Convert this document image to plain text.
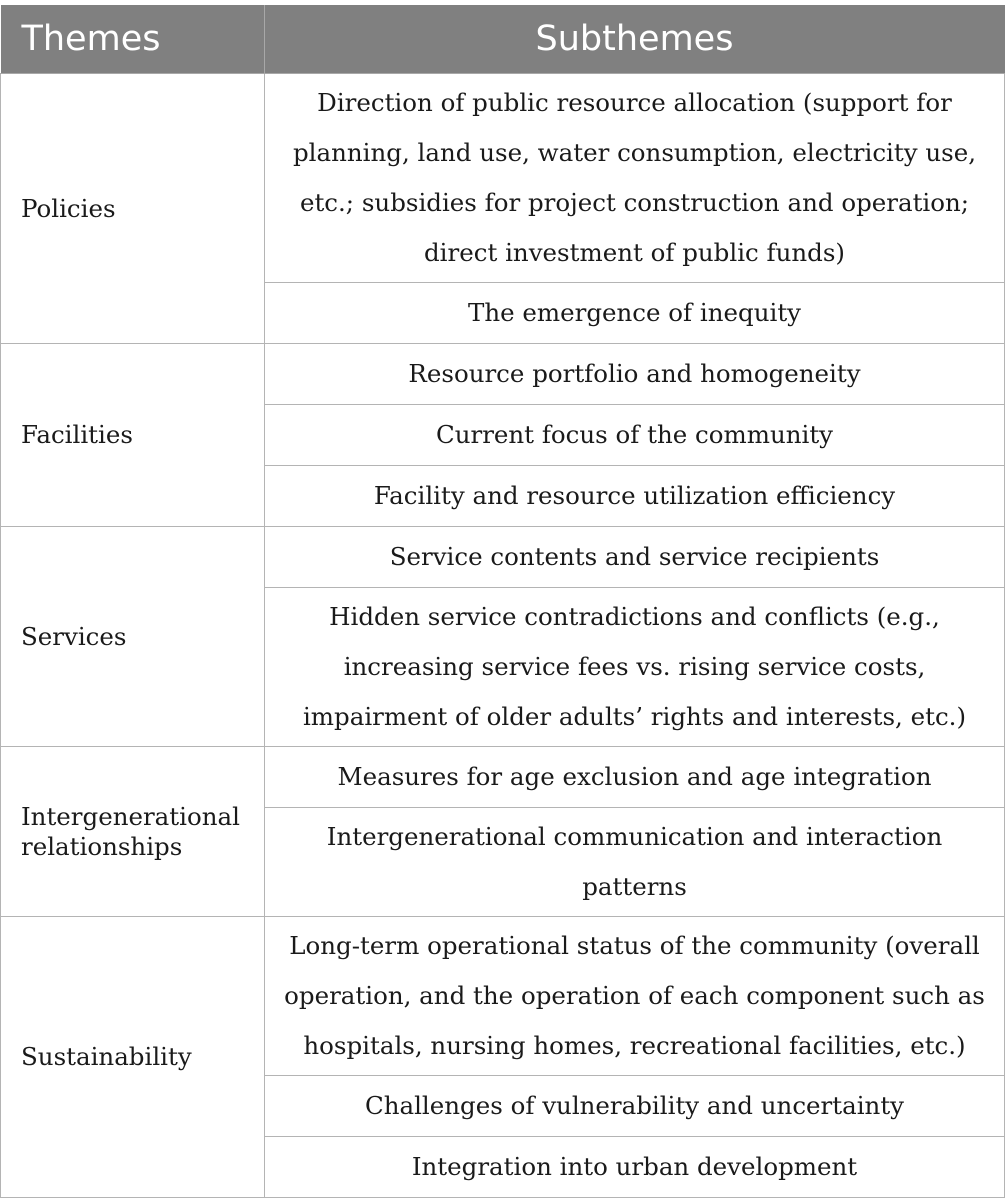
Themes	Subthemes
Policies	Direction of public resource allocation (support for planning, land use, water consumption, electricity use, etc.; subsidies for project construction and operation; direct investment of public funds)
	The emergence of inequity
Facilities	Resource portfolio and homogeneity
	Current focus of the community
	Facility and resource utilization efficiency
Services	Service contents and service recipients
	Hidden service contradictions and conflicts (e.g., increasing service fees vs. rising service costs, impairment of older adults’ rights and interests, etc.)
Intergenerational relationships	Measures for age exclusion and age integration
	Intergenerational communication and interaction patterns
Sustainability	Long-term operational status of the community (overall operation, and the operation of each component such as hospitals, nursing homes, recreational facilities, etc.)
	Challenges of vulnerability and uncertainty
	Integration into urban development
